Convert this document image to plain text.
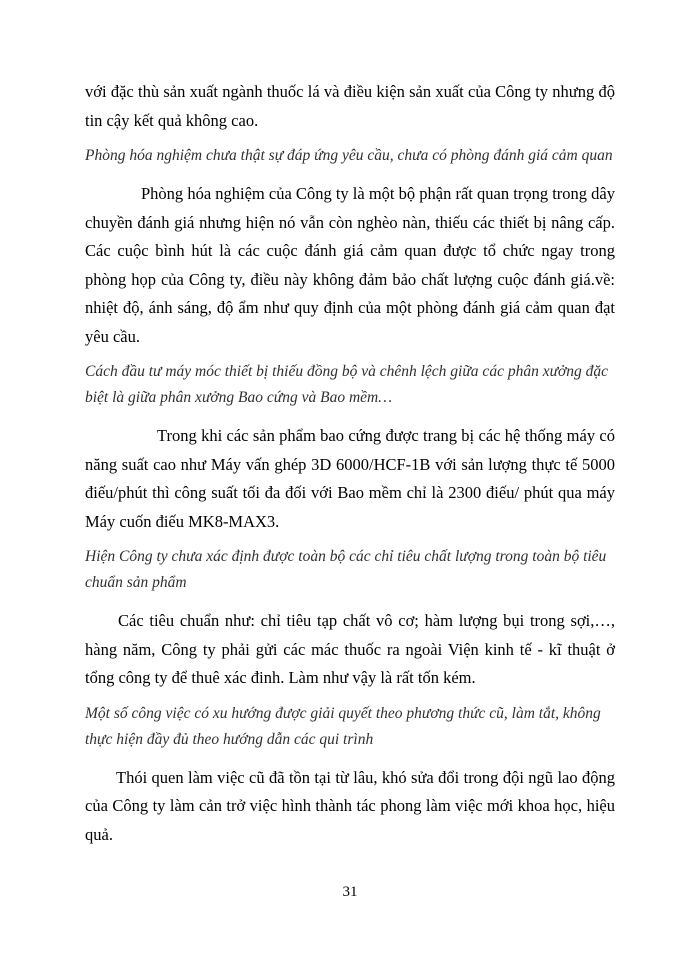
với đặc thù sản xuất ngành thuốc lá và điều kiện sản xuất của Công ty nhưng độ tin cậy kết quả không cao.

Phòng hóa nghiệm chưa thật sự đáp ứng yêu cầu, chưa có phòng đánh giá cảm quan

Phòng hóa nghiệm của Công ty là một bộ phận rất quan trọng trong dây chuyền đánh giá nhưng hiện nó vẫn còn nghèo nàn, thiếu các thiết bị nâng cấp. Các cuộc bình hút là các cuộc đánh giá cảm quan được tổ chức ngay trong phòng họp của Công ty, điều này không đảm bảo chất lượng cuộc đánh giá.về: nhiệt độ, ánh sáng, độ ẩm như quy định của một phòng đánh giá cảm quan đạt yêu cầu.

Cách đầu tư máy móc thiết bị thiếu đồng bộ và chênh lệch giữa các phân xưởng đặc biệt là giữa phân xưởng Bao cứng và Bao mềm…

Trong khi các sản phẩm bao cứng được trang bị các hệ thống máy có năng suất cao như Máy vấn ghép 3D 6000/HCF-1B với sản lượng thực tế 5000 điếu/phút thì công suất tối đa đối với Bao mềm chỉ là 2300 điếu/ phút qua máy Máy cuốn điếu MK8-MAX3.

Hiện Công ty chưa xác định được toàn bộ các chỉ tiêu chất lượng trong toàn bộ tiêu chuẩn sản phẩm

Các tiêu chuẩn như: chỉ tiêu tạp chất vô cơ; hàm lượng bụi trong sợi,…, hàng năm, Công ty phải gửi các mác thuốc ra ngoài Viện kinh tế - kĩ thuật ở tổng công ty để thuê xác đinh. Làm như vậy là rất tốn kém.

Một số công việc có xu hướng được giải quyết theo phương thức cũ, làm tắt, không thực hiện đầy đủ theo hướng dẫn các qui trình

Thói quen làm việc cũ đã tồn tại từ lâu, khó sửa đổi trong đội ngũ lao động của Công ty làm cản trở việc hình thành tác phong làm việc mới khoa học, hiệu quả.

31
